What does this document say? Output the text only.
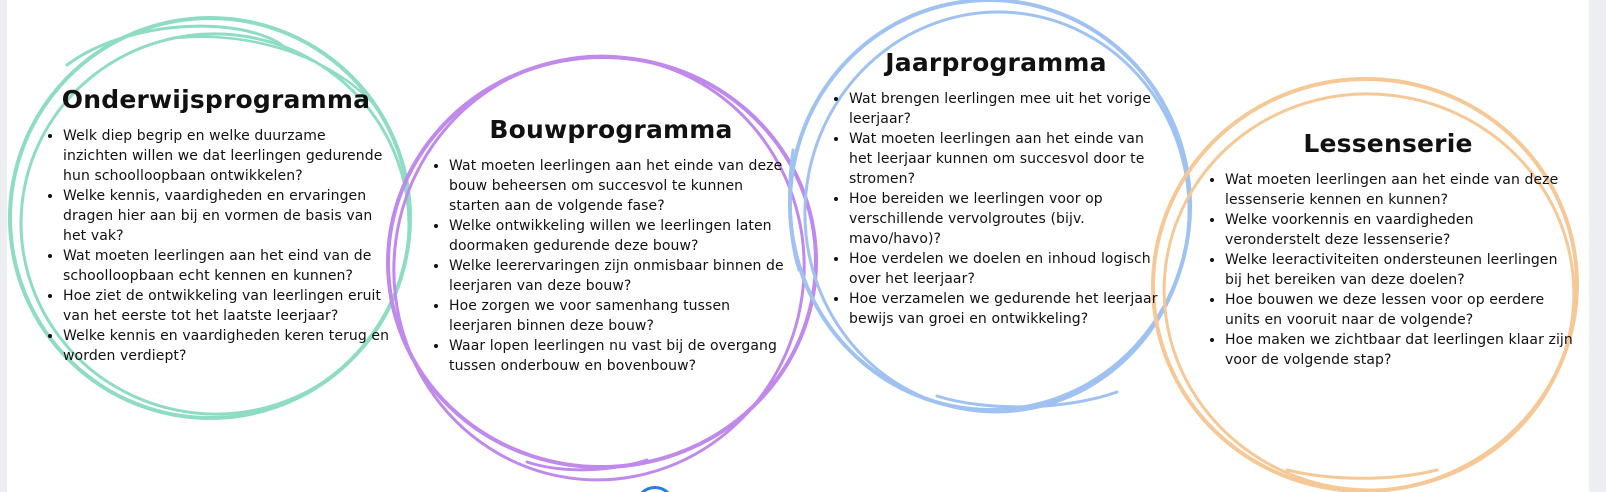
Onderwijsprogramma
• Welk diep begrip en welke duurzame inzichten willen we dat leerlingen gedurende hun schoolloopbaan ontwikkelen?
• Welke kennis, vaardigheden en ervaringen dragen hier aan bij en vormen de basis van het vak?
• Wat moeten leerlingen aan het eind van de schoolloopbaan echt kennen en kunnen?
• Hoe ziet de ontwikkeling van leerlingen eruit van het eerste tot het laatste leerjaar?
• Welke kennis en vaardigheden keren terug en worden verdiept?
Bouwprogramma
• Wat moeten leerlingen aan het einde van deze bouw beheersen om succesvol te kunnen starten aan de volgende fase?
• Welke ontwikkeling willen we leerlingen laten doormaken gedurende deze bouw?
• Welke leerervaringen zijn onmisbaar binnen de leerjaren van deze bouw?
• Hoe zorgen we voor samenhang tussen leerjaren binnen deze bouw?
• Waar lopen leerlingen nu vast bij de overgang tussen onderbouw en bovenbouw?
Jaarprogramma
• Wat brengen leerlingen mee uit het vorige leerjaar?
• Wat moeten leerlingen aan het einde van het leerjaar kunnen om succesvol door te stromen?
• Hoe bereiden we leerlingen voor op verschillende vervolgroutes (bijv. mavo/havo)?
• Hoe verdelen we doelen en inhoud logisch over het leerjaar?
• Hoe verzamelen we gedurende het leerjaar bewijs van groei en ontwikkeling?
Lessenserie
• Wat moeten leerlingen aan het einde van deze lessenserie kennen en kunnen?
• Welke voorkennis en vaardigheden veronderstelt deze lessenserie?
• Welke leeractiviteiten ondersteunen leerlingen bij het bereiken van deze doelen?
• Hoe bouwen we deze lessen voor op eerdere units en vooruit naar de volgende?
• Hoe maken we zichtbaar dat leerlingen klaar zijn voor de volgende stap?
